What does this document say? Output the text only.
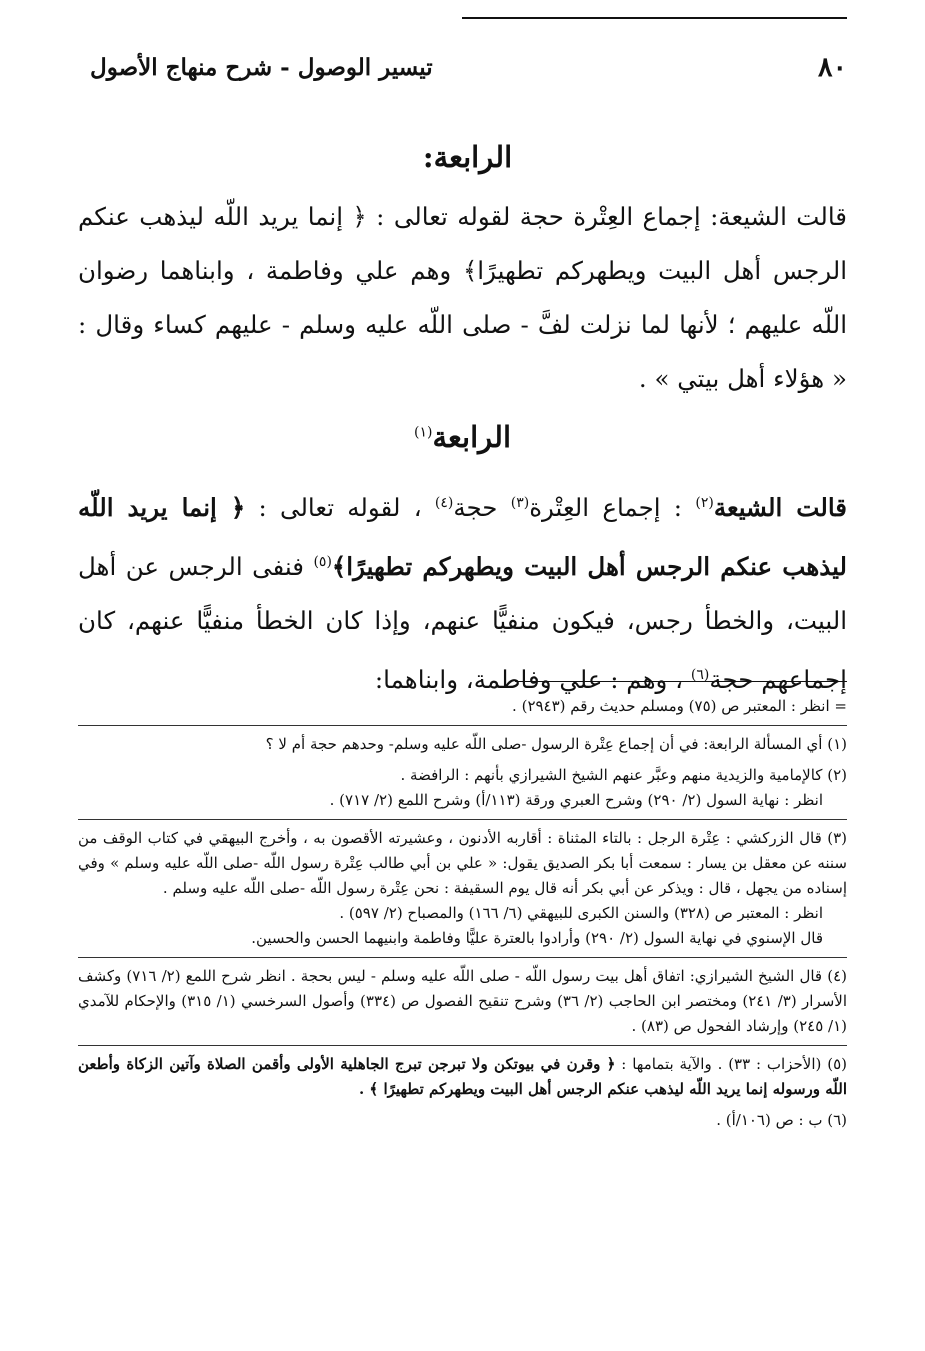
٨٠
تيسير الوصول - شرح منهاج الأصول
الرابعة:
قالت الشيعة: إجماع العِتْرة حجة لقوله تعالى : ﴿ إنما يريد اللّه ليذهب عنكم الرجس أهل البيت ويطهركم تطهيرًا﴾ وهم علي وفاطمة ، وابناهما رضوان اللّه عليهم ؛ لأنها لما نزلت لفَّ - صلى اللّه عليه وسلم - عليهم كساء وقال : « هؤلاء أهل بيتي » .
الرابعة$^{(١)}$
قالت الشيعة$^{(٢)}$ : إجماع العِتْرة$^{(٣)}$ حجة$^{(٤)}$ ، لقوله تعالى : ﴿ إنما يريد اللّه ليذهب عنكم الرجس أهل البيت ويطهركم تطهيرًا﴾$^{(٥)}$ فنفى الرجس عن أهل البيت، والخطأ رجس، فيكون منفيًّا عنهم، وإذا كان الخطأ منفيًّا عنهم، كان إجماعهم حجة$^{(٦)}$ ، وهم : علي وفاطمة، وابناهما:

= انظر : المعتبر ص (٧٥) ومسلم حديث رقم (٢٩٤٣) .

(١) أي المسألة الرابعة: في أن إجماع عِتْرة الرسول -صلى اللّه عليه وسلم- وحدهم حجة أم لا ؟

(٢) كالإمامية والزيدية منهم وعبَّر عنهم الشيخ الشيرازي بأنهم : الرافضة .

انظر : نهاية السول (٢/ ٢٩٠) وشرح العبري ورقة (١١٣/أ) وشرح اللمع (٢/ ٧١٧) .

(٣) قال الزركشي : عِتْرة الرجل : بالتاء المثناة : أقاربه الأدنون ، وعشيرته الأقصون به ، وأخرج البيهقي في كتاب الوقف من سننه عن معقل بن يسار : سمعت أبا بكر الصديق يقول: « علي بن أبي طالب عِتْرة رسول اللّه -صلى اللّه عليه وسلم » وفي إسناده من يجهل ، قال : ويذكر عن أبي بكر أنه قال يوم السقيفة : نحن عِتْرة رسول اللّه -صلى اللّه عليه وسلم .

انظر : المعتبر ص (٣٢٨) والسنن الكبرى للبيهقي (٦/ ١٦٦) والمصباح (٢/ ٥٩٧) .

قال الإسنوي في نهاية السول (٢/ ٢٩٠) وأرادوا بالعترة عليًّا وفاطمة وابنيهما الحسن والحسين.

(٤) قال الشيخ الشيرازي: اتفاق أهل بيت رسول اللّه - صلى اللّه عليه وسلم - ليس بحجة . انظر شرح اللمع (٢/ ٧١٦) وكشف الأسرار (٣/ ٢٤١) ومختصر ابن الحاجب (٢/ ٣٦) وشرح تنقيح الفصول ص (٣٣٤) وأصول السرخسي (١/ ٣١٥) والإحكام للآمدي (١/ ٢٤٥) وإرشاد الفحول ص (٨٣) .

(٥) (الأحزاب : ٣٣) . والآية بتمامها : ﴿ وقرن في بيوتكن ولا تبرجن تبرج الجاهلية الأولى وأقمن الصلاة وآتين الزكاة وأطعن اللّه ورسوله إنما يريد اللّه ليذهب عنكم الرجس أهل البيت ويطهركم تطهيرًا ﴾ .

(٦) ب : ص (١٠٦/أ) .
